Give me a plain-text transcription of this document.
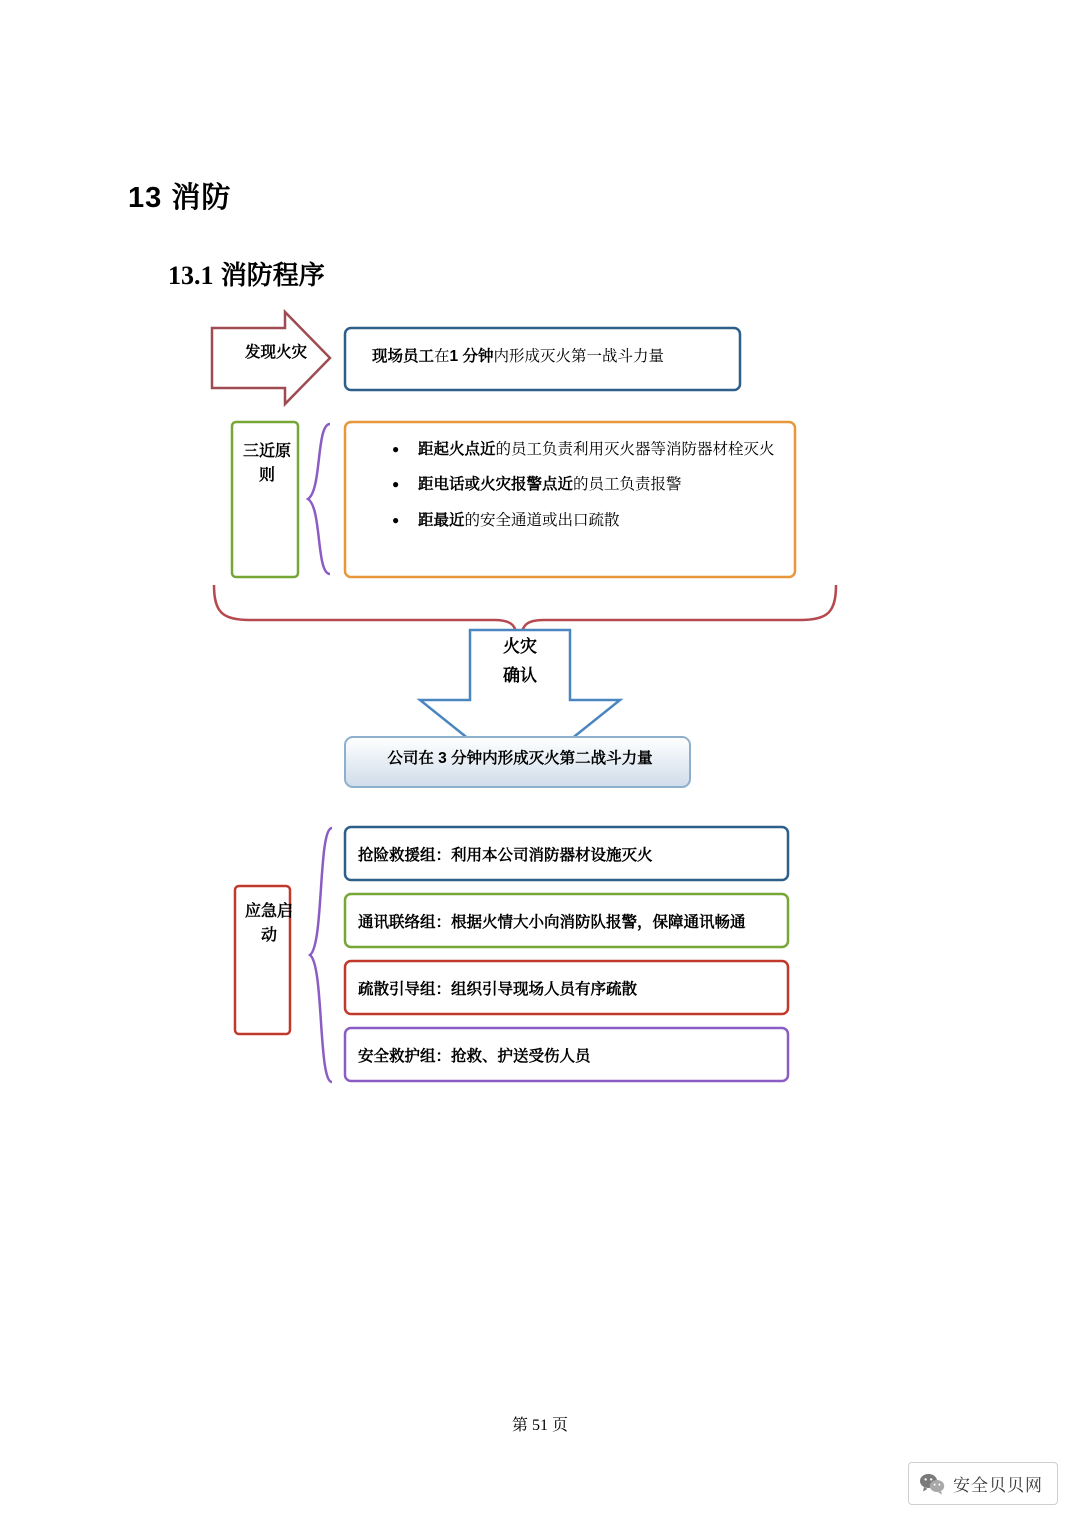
13 消防
13.1 消防程序
发现火灾	现场员工在1 分钟内形成灭火第一战斗力量
三近原则
● 距起火点近的员工负责利用灭火器等消防器材栓灭火
● 距电话或火灾报警点近的员工负责报警
● 距最近的安全通道或出口疏散
火灾
确认
公司在 3 分钟内形成灭火第二战斗力量
应急启动
抢险救援组：利用本公司消防器材设施灭火
通讯联络组：根据火情大小向消防队报警，保障通讯畅通
疏散引导组：组织引导现场人员有序疏散
安全救护组：抢救、护送受伤人员
第 51 页
安全贝贝网
